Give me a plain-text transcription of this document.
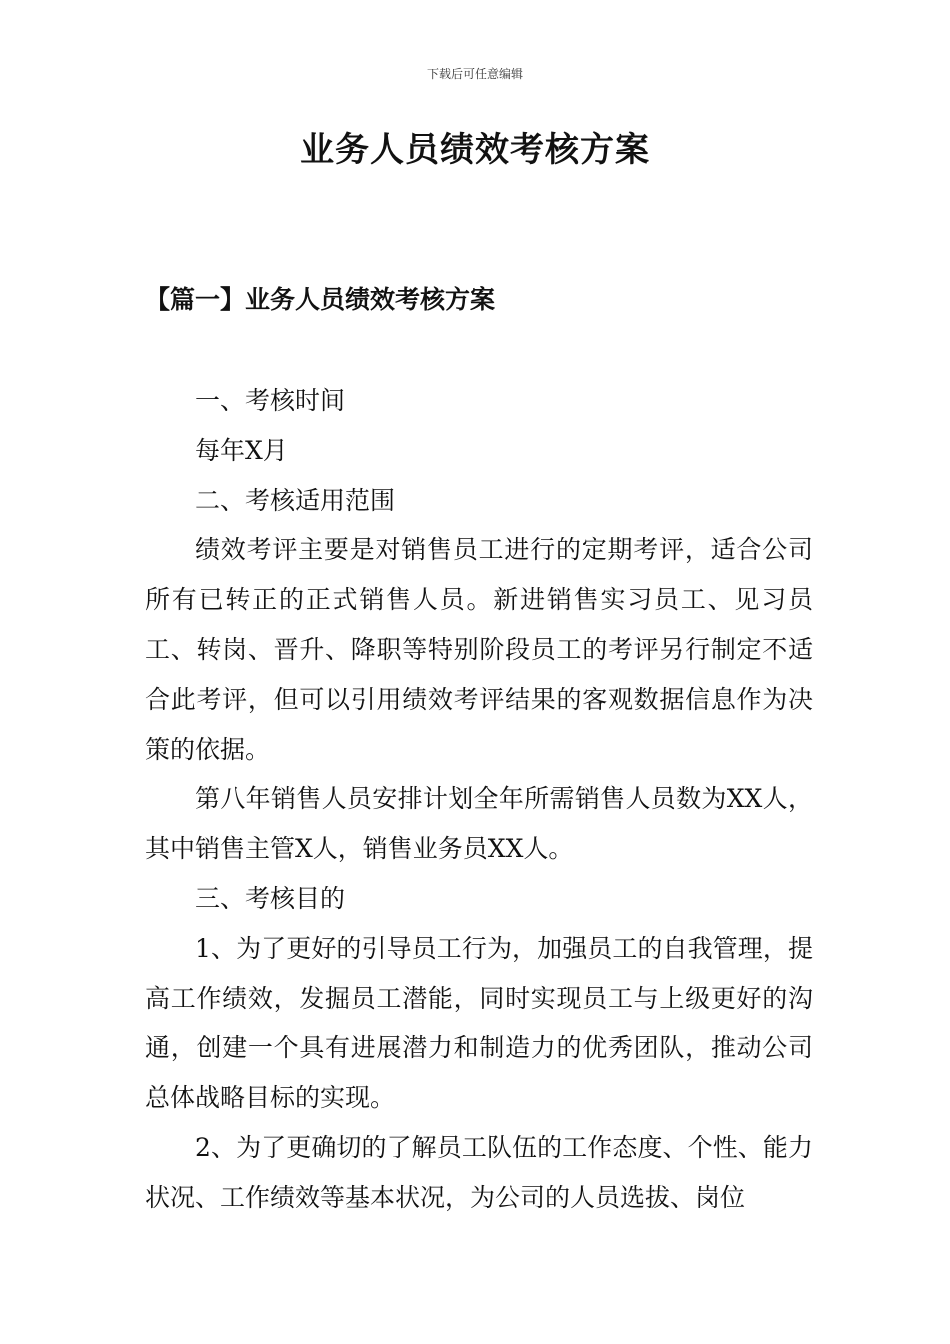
下载后可任意编辑
业务人员绩效考核方案
【篇一】业务人员绩效考核方案

一、考核时间

每年X月

二、考核适用范围

绩效考评主要是对销售员工进行的定期考评，适合公司所有已转正的正式销售人员。新进销售实习员工、见习员工、转岗、晋升、降职等特别阶段员工的考评另行制定不适合此考评，但可以引用绩效考评结果的客观数据信息作为决策的依据。

第八年销售人员安排计划全年所需销售人员数为XX人，其中销售主管X人，销售业务员XX人。

三、考核目的

1、为了更好的引导员工行为，加强员工的自我管理，提高工作绩效，发掘员工潜能，同时实现员工与上级更好的沟通，创建一个具有进展潜力和制造力的优秀团队，推动公司总体战略目标的实现。

2、为了更确切的了解员工队伍的工作态度、个性、能力状况、工作绩效等基本状况，为公司的人员选拔、岗位
